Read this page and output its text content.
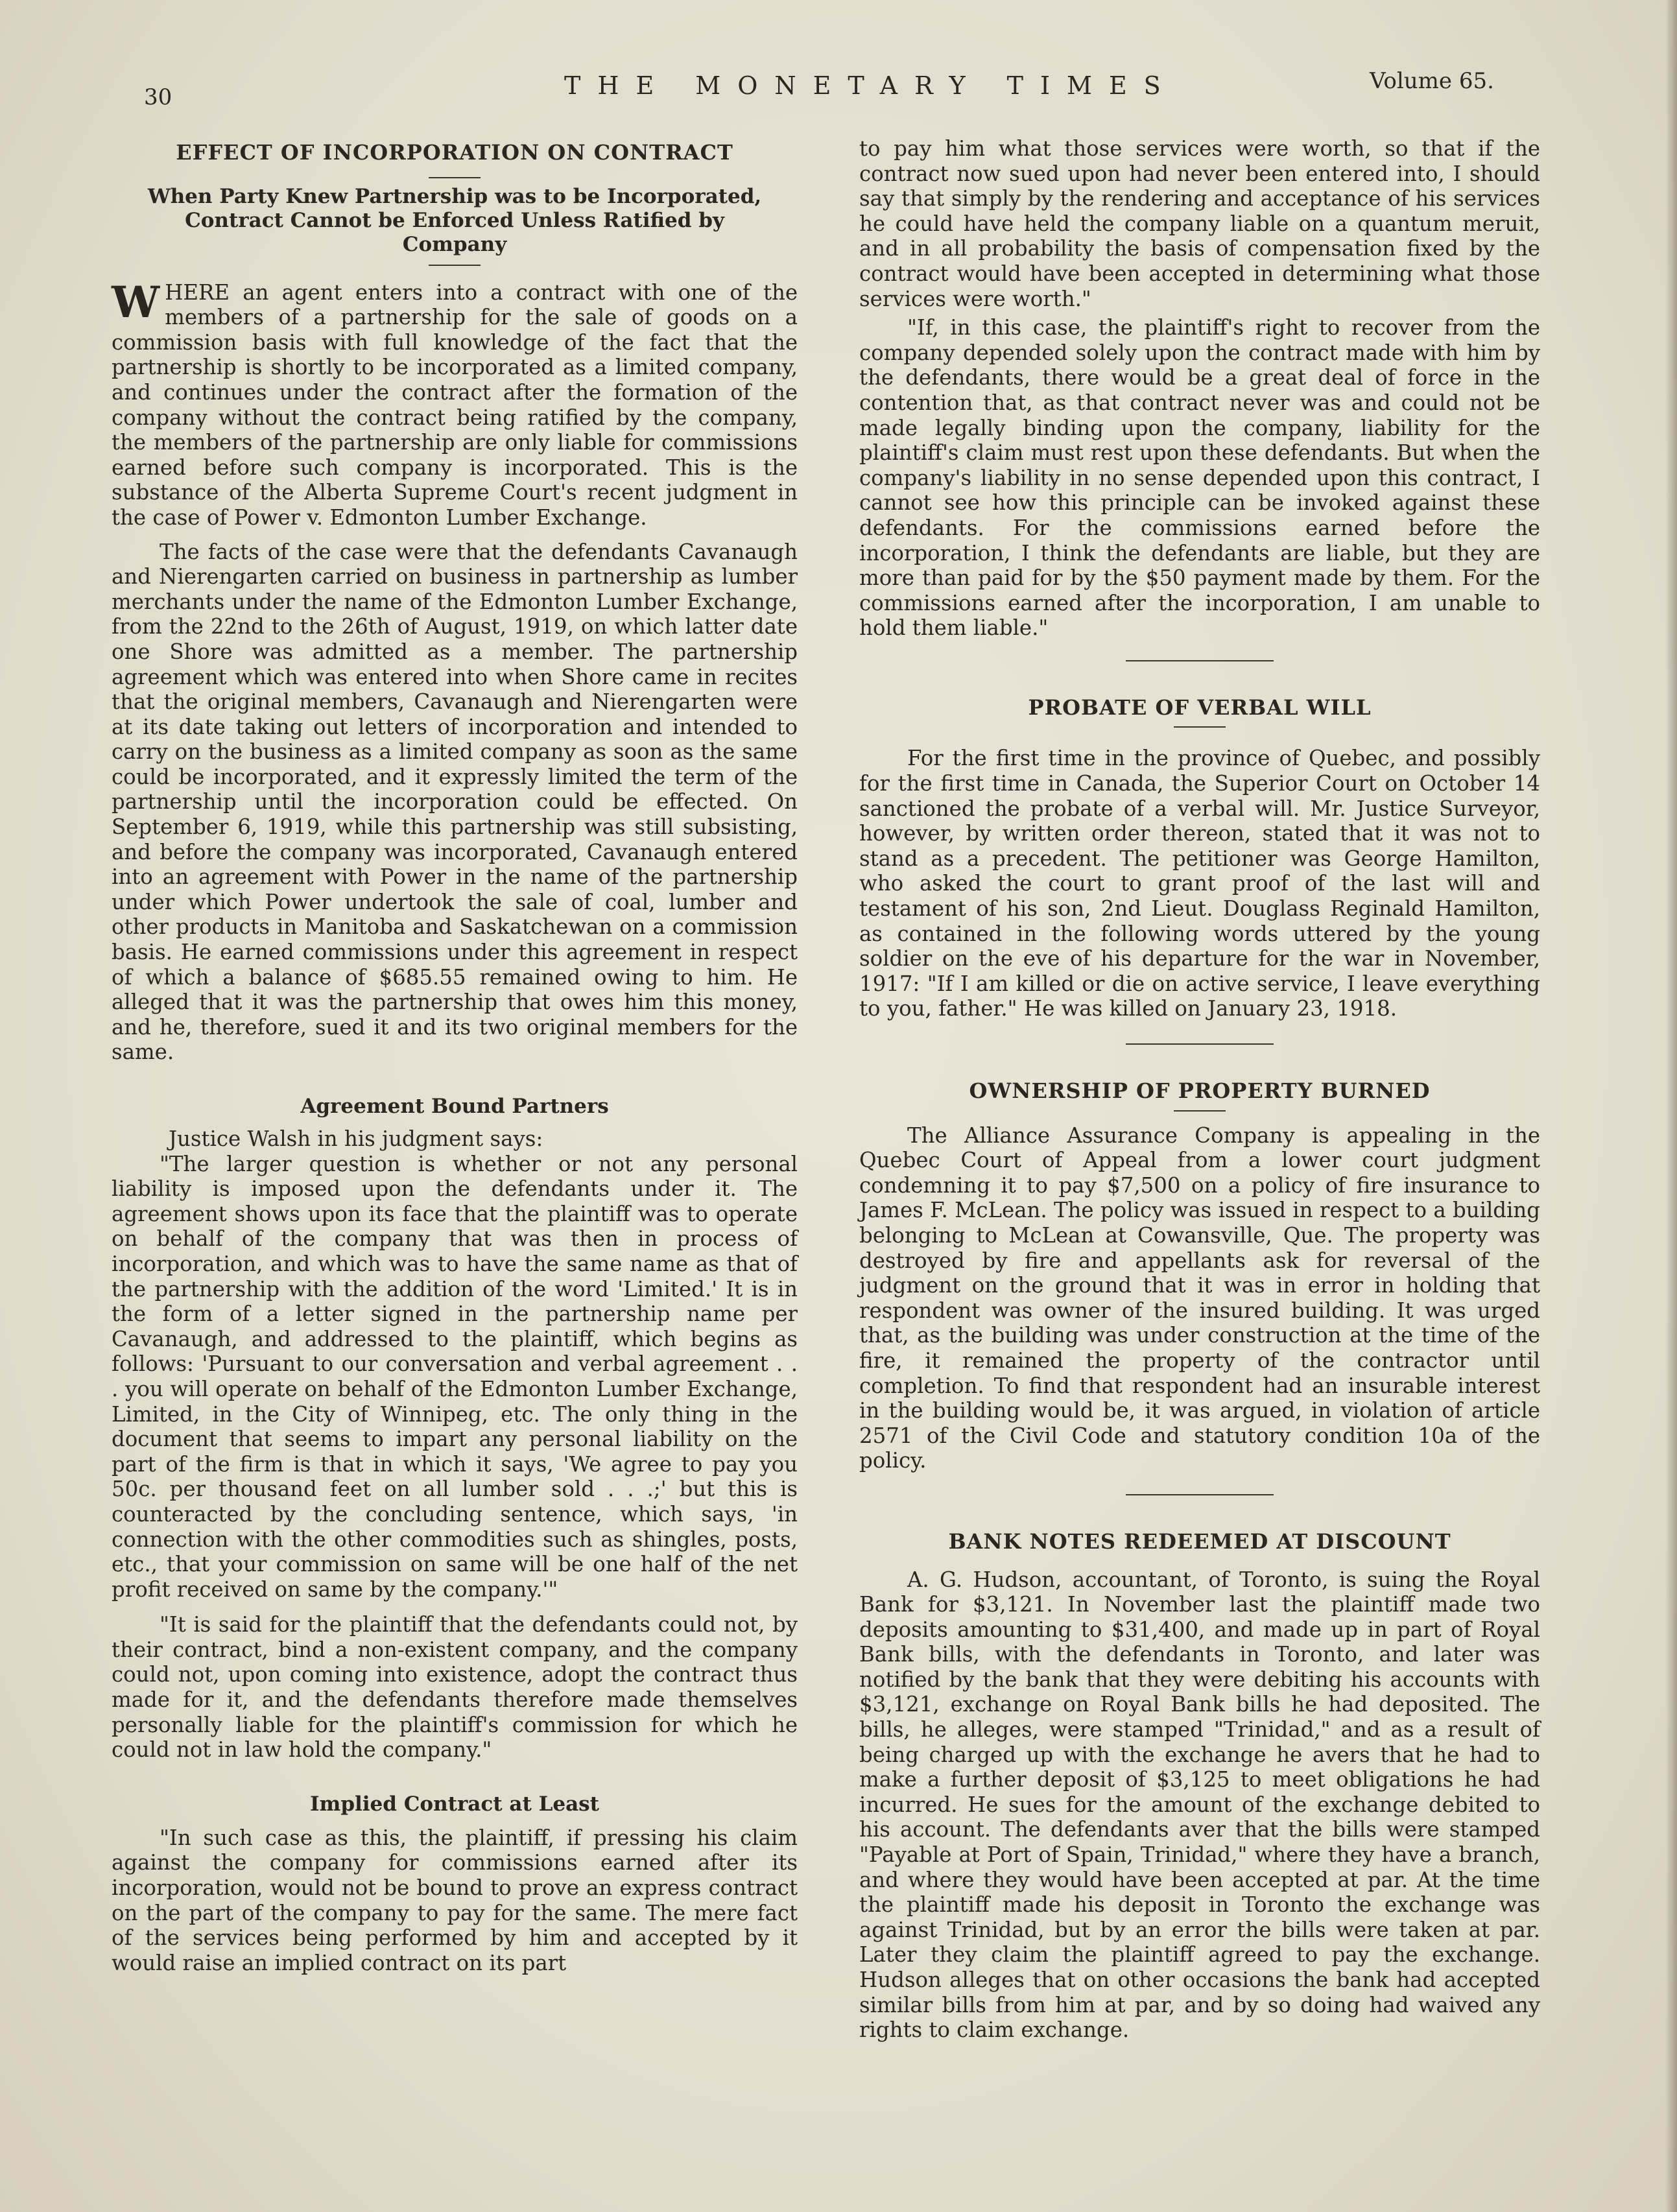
30	THE MONETARY TIMES	Volume 65.
EFFECT OF INCORPORATION ON CONTRACT
When Party Knew Partnership was to be Incorporated, Contract Cannot be Enforced Unless Ratified by Company

WHERE an agent enters into a contract with one of the members of a partnership for the sale of goods on a commission basis with full knowledge of the fact that the partnership is shortly to be incorporated as a limited company, and continues under the contract after the formation of the company without the contract being ratified by the company, the members of the partnership are only liable for commissions earned before such company is incorporated. This is the substance of the Alberta Supreme Court's recent judgment in the case of Power v. Edmonton Lumber Exchange.

The facts of the case were that the defendants Cavanaugh and Nierengarten carried on business in partnership as lumber merchants under the name of the Edmonton Lumber Exchange, from the 22nd to the 26th of August, 1919, on which latter date one Shore was admitted as a member. The partnership agreement which was entered into when Shore came in recites that the original members, Cavanaugh and Nierengarten were at its date taking out letters of incorporation and intended to carry on the business as a limited company as soon as the same could be incorporated, and it expressly limited the term of the partnership until the incorporation could be effected. On September 6, 1919, while this partnership was still subsisting, and before the company was incorporated, Cavanaugh entered into an agreement with Power in the name of the partnership under which Power undertook the sale of coal, lumber and other products in Manitoba and Saskatchewan on a commission basis. He earned commissions under this agreement in respect of which a balance of $685.55 remained owing to him. He alleged that it was the partnership that owes him this money, and he, therefore, sued it and its two original members for the same.

Agreement Bound Partners

Justice Walsh in his judgment says:

"The larger question is whether or not any personal liability is imposed upon the defendants under it. The agreement shows upon its face that the plaintiff was to operate on behalf of the company that was then in process of incorporation, and which was to have the same name as that of the partnership with the addition of the word 'Limited.' It is in the form of a letter signed in the partnership name per Cavanaugh, and addressed to the plaintiff, which begins as follows: 'Pursuant to our conversation and verbal agreement . . . you will operate on behalf of the Edmonton Lumber Exchange, Limited, in the City of Winnipeg, etc. The only thing in the document that seems to impart any personal liability on the part of the firm is that in which it says, 'We agree to pay you 50c. per thousand feet on all lumber sold . . .;' but this is counteracted by the concluding sentence, which says, 'in connection with the other commodities such as shingles, posts, etc., that your commission on same will be one half of the net profit received on same by the company.'"

"It is said for the plaintiff that the defendants could not, by their contract, bind a non-existent company, and the company could not, upon coming into existence, adopt the contract thus made for it, and the defendants therefore made themselves personally liable for the plaintiff's commission for which he could not in law hold the company."

Implied Contract at Least

"In such case as this, the plaintiff, if pressing his claim against the company for commissions earned after its incorporation, would not be bound to prove an express contract on the part of the company to pay for the same. The mere fact of the services being performed by him and accepted by it would raise an implied contract on its part

to pay him what those services were worth, so that if the contract now sued upon had never been entered into, I should say that simply by the rendering and acceptance of his services he could have held the company liable on a quantum meruit, and in all probability the basis of compensation fixed by the contract would have been accepted in determining what those services were worth."

"If, in this case, the plaintiff's right to recover from the company depended solely upon the contract made with him by the defendants, there would be a great deal of force in the contention that, as that contract never was and could not be made legally binding upon the company, liability for the plaintiff's claim must rest upon these defendants. But when the company's liability in no sense depended upon this contract, I cannot see how this principle can be invoked against these defendants. For the commissions earned before the incorporation, I think the defendants are liable, but they are more than paid for by the $50 payment made by them. For the commissions earned after the incorporation, I am unable to hold them liable."

PROBATE OF VERBAL WILL

For the first time in the province of Quebec, and possibly for the first time in Canada, the Superior Court on October 14 sanctioned the probate of a verbal will. Mr. Justice Surveyor, however, by written order thereon, stated that it was not to stand as a precedent. The petitioner was George Hamilton, who asked the court to grant proof of the last will and testament of his son, 2nd Lieut. Douglass Reginald Hamilton, as contained in the following words uttered by the young soldier on the eve of his departure for the war in November, 1917: "If I am killed or die on active service, I leave everything to you, father." He was killed on January 23, 1918.

OWNERSHIP OF PROPERTY BURNED

The Alliance Assurance Company is appealing in the Quebec Court of Appeal from a lower court judgment condemning it to pay $7,500 on a policy of fire insurance to James F. McLean. The policy was issued in respect to a building belonging to McLean at Cowansville, Que. The property was destroyed by fire and appellants ask for reversal of the judgment on the ground that it was in error in holding that respondent was owner of the insured building. It was urged that, as the building was under construction at the time of the fire, it remained the property of the contractor until completion. To find that respondent had an insurable interest in the building would be, it was argued, in violation of article 2571 of the Civil Code and statutory condition 10a of the policy.

BANK NOTES REDEEMED AT DISCOUNT

A. G. Hudson, accountant, of Toronto, is suing the Royal Bank for $3,121. In November last the plaintiff made two deposits amounting to $31,400, and made up in part of Royal Bank bills, with the defendants in Toronto, and later was notified by the bank that they were debiting his accounts with $3,121, exchange on Royal Bank bills he had deposited. The bills, he alleges, were stamped "Trinidad," and as a result of being charged up with the exchange he avers that he had to make a further deposit of $3,125 to meet obligations he had incurred. He sues for the amount of the exchange debited to his account. The defendants aver that the bills were stamped "Payable at Port of Spain, Trinidad," where they have a branch, and where they would have been accepted at par. At the time the plaintiff made his deposit in Toronto the exchange was against Trinidad, but by an error the bills were taken at par. Later they claim the plaintiff agreed to pay the exchange. Hudson alleges that on other occasions the bank had accepted similar bills from him at par, and by so doing had waived any rights to claim exchange.
